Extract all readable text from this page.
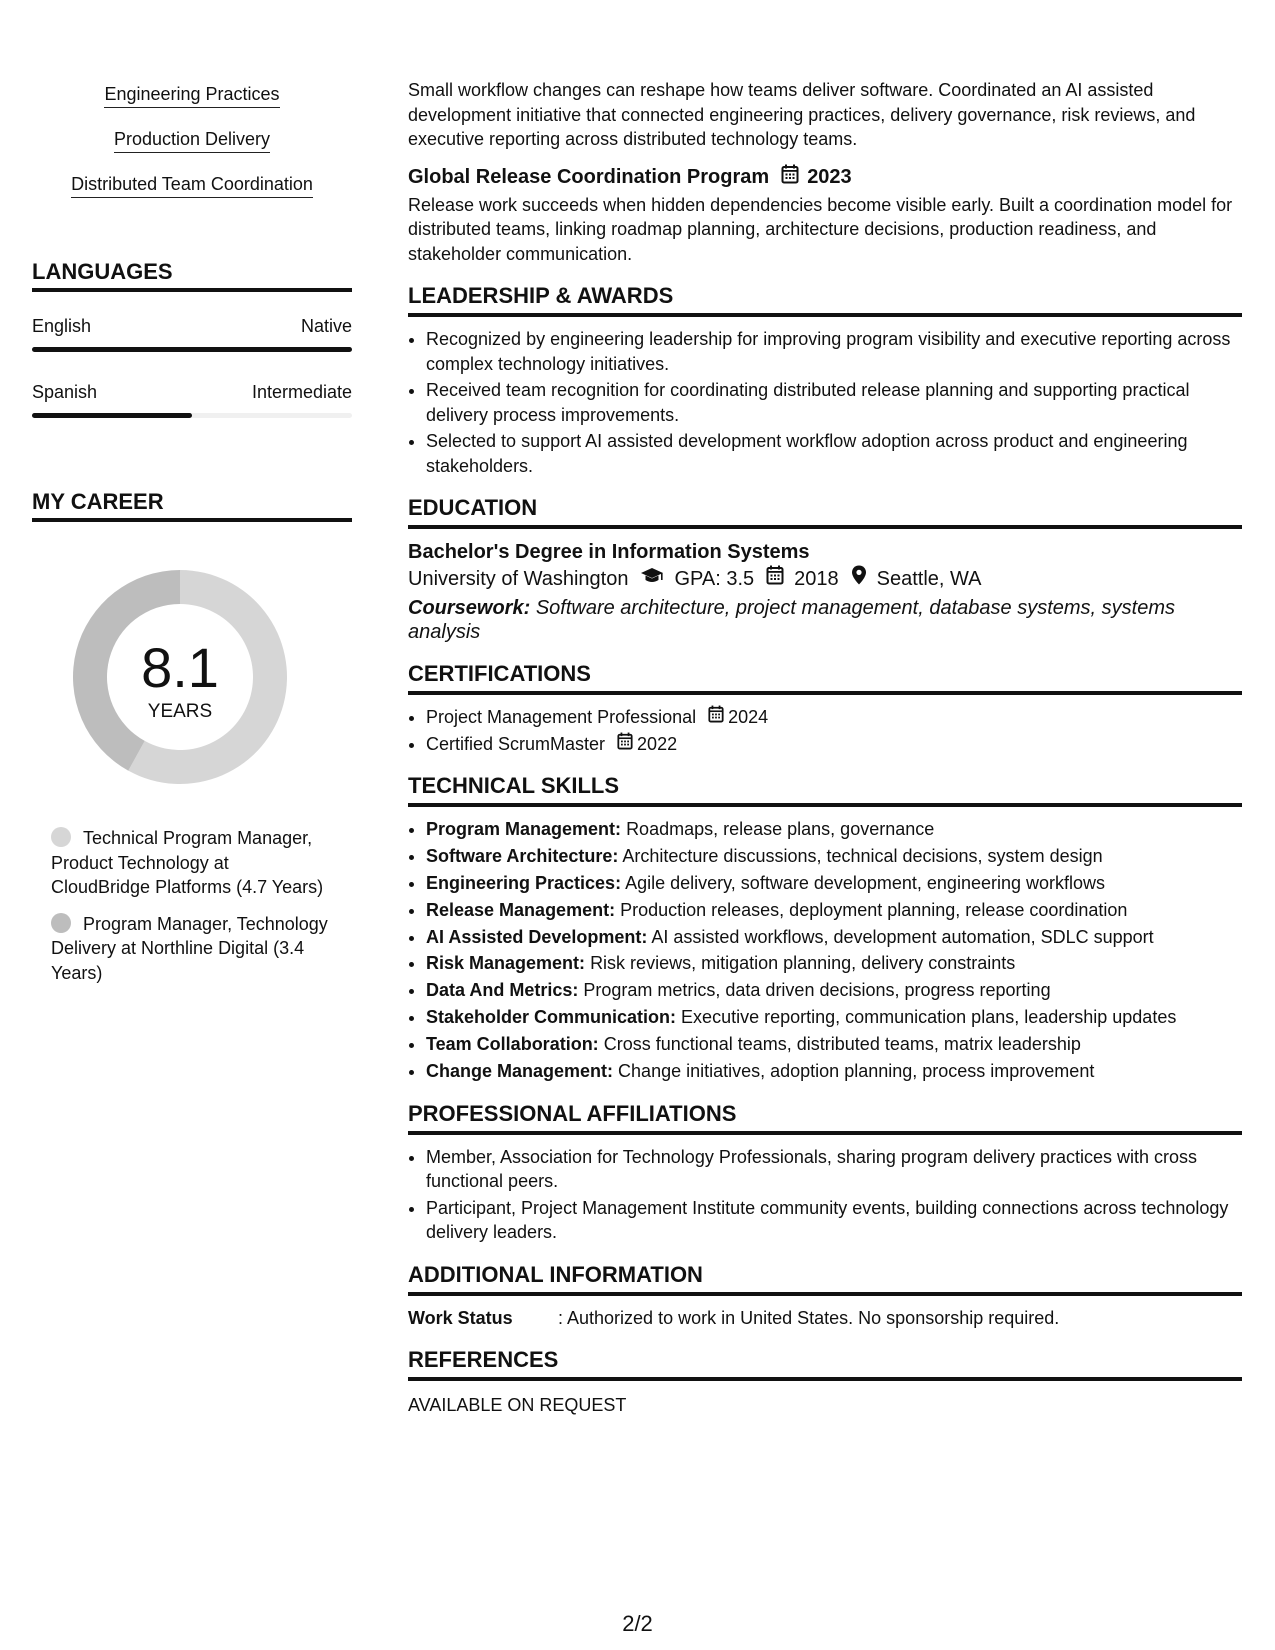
Engineering Practices
Production Delivery
Distributed Team Coordination
LANGUAGES
English	Native
Spanish	Intermediate
MY CAREER
8.1
YEARS
Technical Program Manager, Product Technology at CloudBridge Platforms (4.7 Years)
Program Manager, Technology Delivery at Northline Digital (3.4 Years)
Small workflow changes can reshape how teams deliver software. Coordinated an AI assisted development initiative that connected engineering practices, delivery governance, risk reviews, and executive reporting across distributed technology teams.
Global Release Coordination Program 2023
Release work succeeds when hidden dependencies become visible early. Built a coordination model for distributed teams, linking roadmap planning, architecture decisions, production readiness, and stakeholder communication.
LEADERSHIP & AWARDS
• Recognized by engineering leadership for improving program visibility and executive reporting across complex technology initiatives.
• Received team recognition for coordinating distributed release planning and supporting practical delivery process improvements.
• Selected to support AI assisted development workflow adoption across product and engineering stakeholders.
EDUCATION
Bachelor's Degree in Information Systems
University of Washington GPA: 3.5 2018 Seattle, WA
Coursework: Software architecture, project management, database systems, systems analysis
CERTIFICATIONS
• Project Management Professional 2024
• Certified ScrumMaster 2022
TECHNICAL SKILLS
• Program Management: Roadmaps, release plans, governance
• Software Architecture: Architecture discussions, technical decisions, system design
• Engineering Practices: Agile delivery, software development, engineering workflows
• Release Management: Production releases, deployment planning, release coordination
• AI Assisted Development: AI assisted workflows, development automation, SDLC support
• Risk Management: Risk reviews, mitigation planning, delivery constraints
• Data And Metrics: Program metrics, data driven decisions, progress reporting
• Stakeholder Communication: Executive reporting, communication plans, leadership updates
• Team Collaboration: Cross functional teams, distributed teams, matrix leadership
• Change Management: Change initiatives, adoption planning, process improvement
PROFESSIONAL AFFILIATIONS
• Member, Association for Technology Professionals, sharing program delivery practices with cross functional peers.
• Participant, Project Management Institute community events, building connections across technology delivery leaders.
ADDITIONAL INFORMATION
Work Status	: Authorized to work in United States. No sponsorship required.
REFERENCES
AVAILABLE ON REQUEST
2/2
